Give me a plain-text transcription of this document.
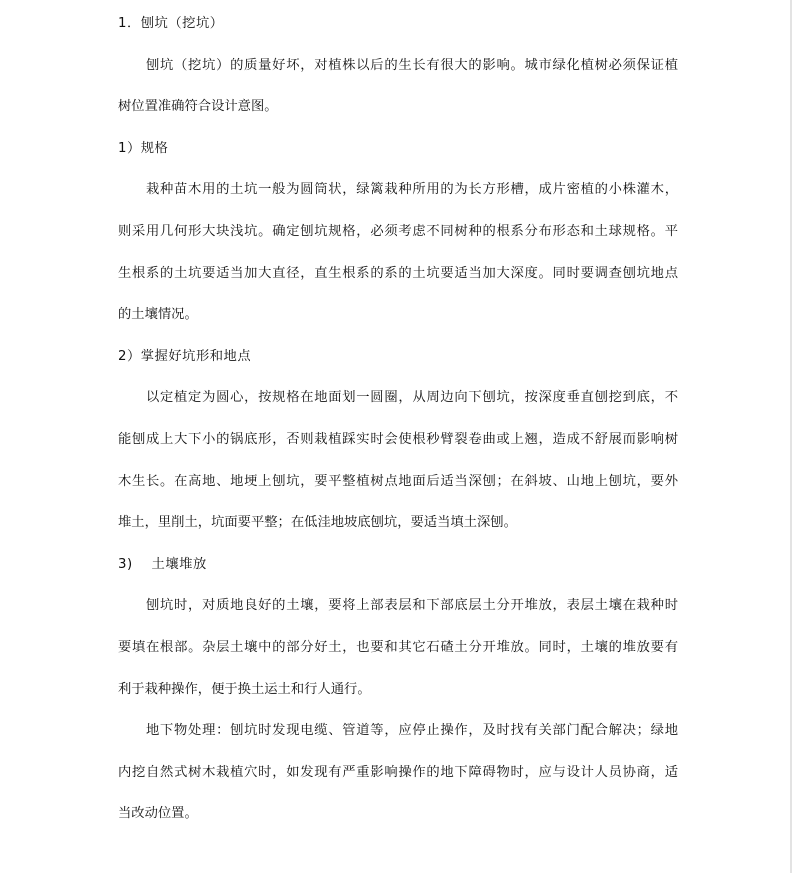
1．刨坑（挖坑）

刨坑（挖坑）的质量好坏，对植株以后的生长有很大的影响。城市绿化植树必须保证植

树位置准确符合设计意图。

1）规格

栽种苗木用的土坑一般为圆筒状，绿篱栽种所用的为长方形槽，成片密植的小株灌木，

则采用几何形大块浅坑。确定刨坑规格，必须考虑不同树种的根系分布形态和土球规格。平

生根系的土坑要适当加大直径，直生根系的系的土坑要适当加大深度。同时要调查刨坑地点

的土壤情况。

2）掌握好坑形和地点

以定植定为圆心，按规格在地面划一圆圈，从周边向下刨坑，按深度垂直刨挖到底，不

能刨成上大下小的锅底形，否则栽植踩实时会使根秒臂裂卷曲或上翘，造成不舒展而影响树

木生长。在高地、地埂上刨坑，要平整植树点地面后适当深刨；在斜坡、山地上刨坑，要外

堆土，里削土，坑面要平整；在低洼地坡底刨坑，要适当填土深刨。

3)    土壤堆放

刨坑时，对质地良好的土壤，要将上部表层和下部底层土分开堆放，表层土壤在栽种时

要填在根部。杂层土壤中的部分好土，也要和其它石碴土分开堆放。同时，土壤的堆放要有

利于栽种操作，便于换土运土和行人通行。

地下物处理：刨坑时发现电缆、管道等，应停止操作，及时找有关部门配合解决；绿地

内挖自然式树木栽植穴时，如发现有严重影响操作的地下障碍物时，应与设计人员协商，适

当改动位置。
